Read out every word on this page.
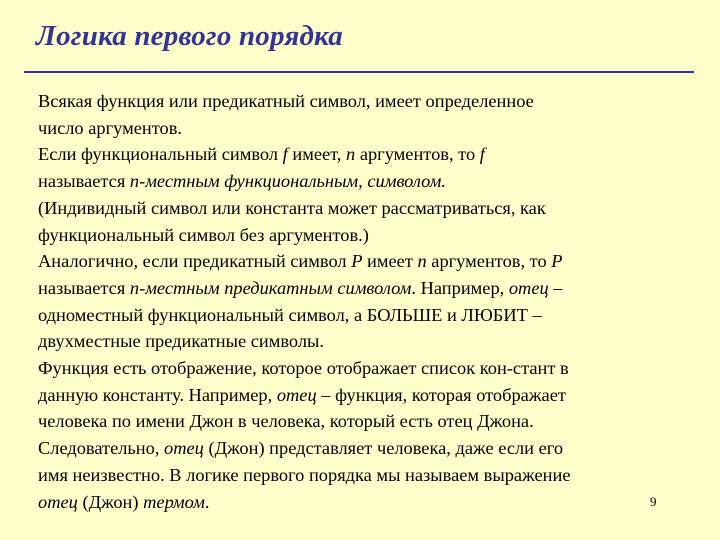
Логика первого порядка
Всякая функция или предикатный символ, имеет определенное
число аргументов.
Если функциональный символ f имеет, n аргументов, то f
называется n-местным функциональным, символом.
(Индивидный символ или константа может рассматриваться, как
функциональный символ без аргументов.)
Аналогично, если предикатный символ P имеет n аргументов, то P
называется n-местным предикатным символом. Например, отец –
одноместный функциональный символ, а БОЛЬШЕ и ЛЮБИТ –
двухместные предикатные символы.
Функция есть отображение, которое отображает список кон-стант в
данную константу. Например, отец – функция, которая отображает
человека по имени Джон в человека, который есть отец Джона.
Следовательно, отец (Джон) представляет человека, даже если его
имя неизвестно. В логике первого порядка мы называем выражение
отец (Джон) термом.	9
